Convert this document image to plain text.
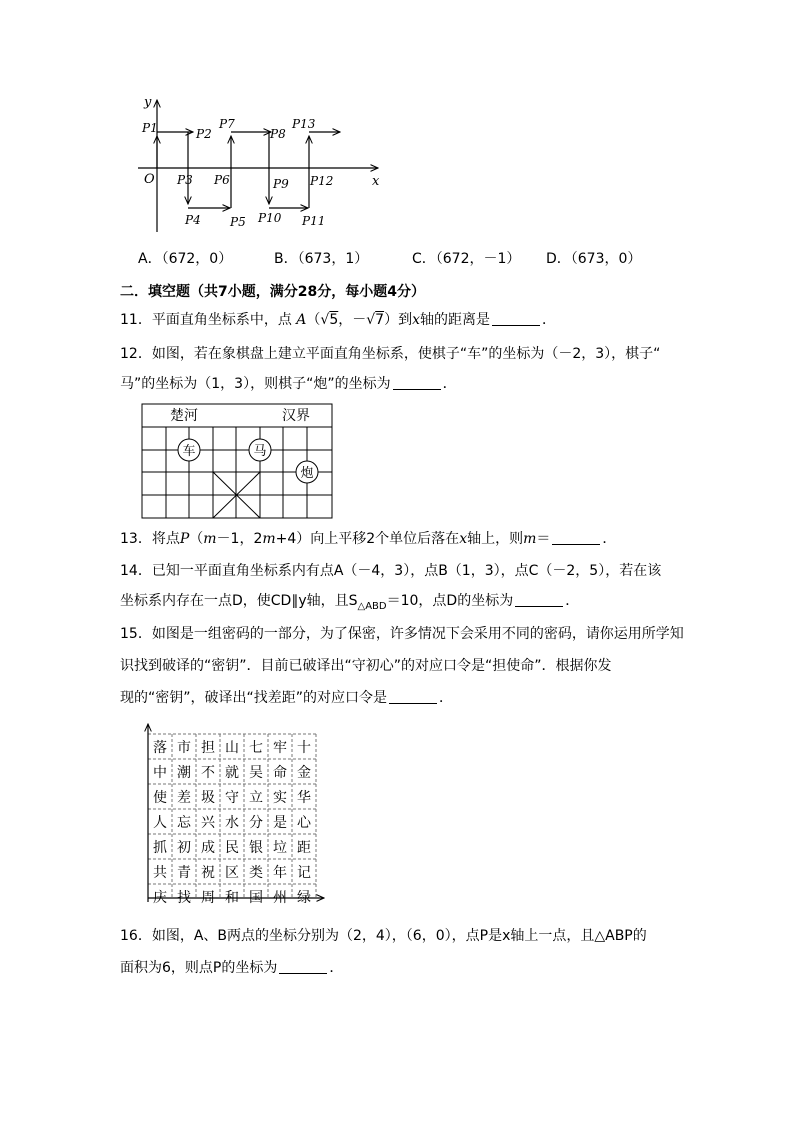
x
y
O
P1	P2
P3
P4 P5
P6
P7
P8
P9
P10 P11
P12
P13
A．（672，0）	B．（673，1）	C．（672，－1） D．（673，0）
二．填空题（共7小题，满分28分，每小题4分）
11．平面直角坐标系中，点 A（√5，－√7）到x轴的距离是	．
12．如图，若在象棋盘上建立平面直角坐标系，使棋子“车”的坐标为（－2，3），棋子“
马”的坐标为（1，3），则棋子“炮”的坐标为	．
楚河	汉界
车	马
炮
13．将点P（m－1，2m+4）向上平移2个单位后落在x轴上，则m＝	．
14．已知一平面直角坐标系内有点A（－4，3），点B（1，3），点C（－2，5），若在该
坐标系内存在一点D，使CD∥y轴，且$S_{\triangle ABD}=10$，点D的坐标为	．
15．如图是一组密码的一部分，为了保密，许多情况下会采用不同的密码，请你运用所学知
识找到破译的“密钥”．目前已破译出“守初心”的对应口令是“担使命”．根据你发
现的“密钥”，破译出“找差距”的对应口令是	．
落 市 担 山 七 牢 十
中 潮 不 就 吴 命 金
使 差 圾 守 立 实 华
人 忘 兴 水 分 是 心
抓 初 成 民 银 垃 距
共 青 祝 区 类 年 记
庆 找 周 和 国 州 绿
16．如图，A、B两点的坐标分别为（2，4），（6，0），点P是x轴上一点，且△ABP的
面积为6，则点P的坐标为	．
